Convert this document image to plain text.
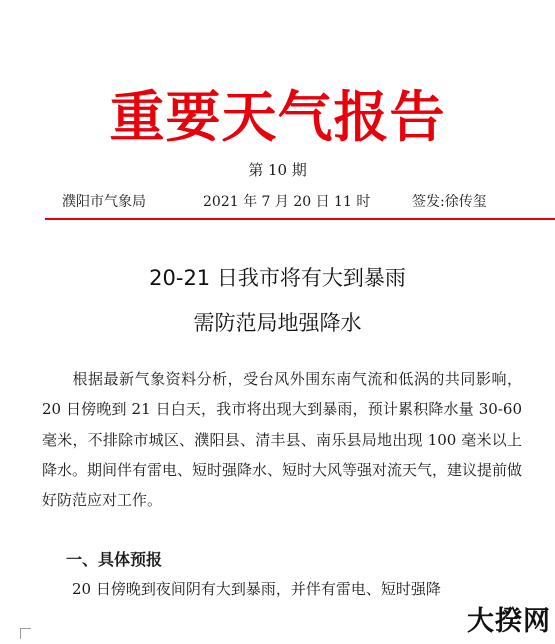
重要天气报告
第 10 期
濮阳市气象局	2021 年 7 月 20 日 11 时	签发:徐传玺
20-21 日我市将有大到暴雨
需防范局地强降水

根据最新气象资料分析，受台风外围东南气流和低涡的共同影响，20 日傍晚到 21 日白天，我市将出现大到暴雨，预计累积降水量 30-60 毫米，不排除市城区、濮阳县、清丰县、南乐县局地出现 100 毫米以上降水。期间伴有雷电、短时强降水、短时大风等强对流天气，建议提前做好防范应对工作。

一、具体预报

20 日傍晚到夜间阴有大到暴雨，并伴有雷电、短时强降

大揆网
